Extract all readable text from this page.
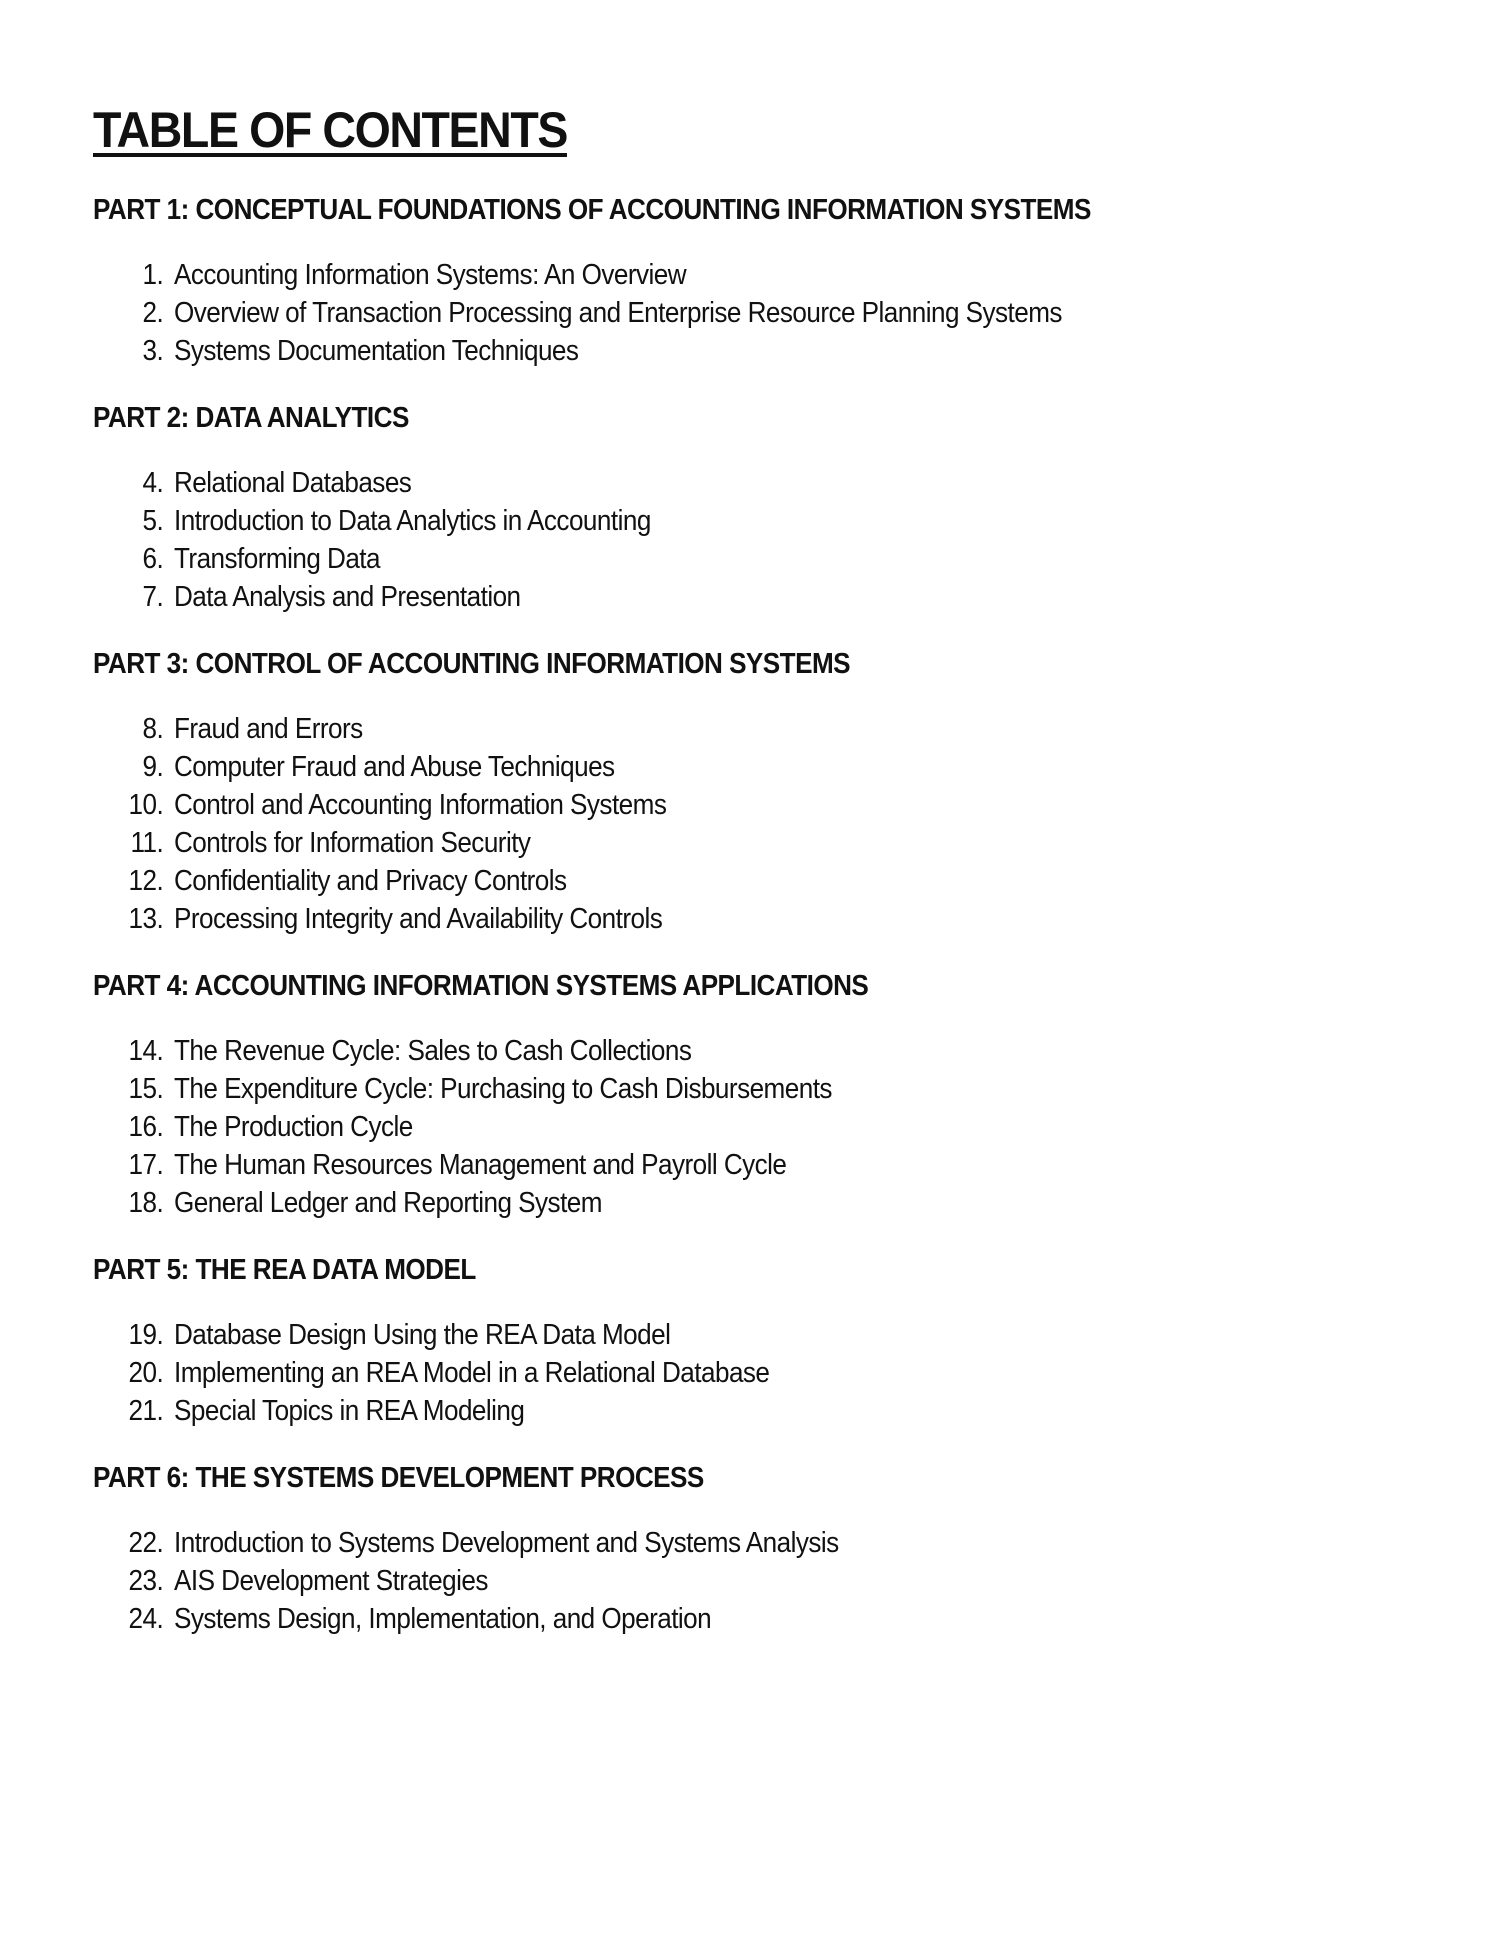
TABLE OF CONTENTS
PART 1: CONCEPTUAL FOUNDATIONS OF ACCOUNTING INFORMATION SYSTEMS
1. Accounting Information Systems: An Overview
2. Overview of Transaction Processing and Enterprise Resource Planning Systems
3. Systems Documentation Techniques
PART 2: DATA ANALYTICS
4. Relational Databases
5. Introduction to Data Analytics in Accounting
6. Transforming Data
7. Data Analysis and Presentation
PART 3: CONTROL OF ACCOUNTING INFORMATION SYSTEMS
8. Fraud and Errors
9. Computer Fraud and Abuse Techniques
10. Control and Accounting Information Systems
11. Controls for Information Security
12. Confidentiality and Privacy Controls
13. Processing Integrity and Availability Controls
PART 4: ACCOUNTING INFORMATION SYSTEMS APPLICATIONS
14. The Revenue Cycle: Sales to Cash Collections
15. The Expenditure Cycle: Purchasing to Cash Disbursements
16. The Production Cycle
17. The Human Resources Management and Payroll Cycle
18. General Ledger and Reporting System
PART 5: THE REA DATA MODEL
19. Database Design Using the REA Data Model
20. Implementing an REA Model in a Relational Database
21. Special Topics in REA Modeling
PART 6: THE SYSTEMS DEVELOPMENT PROCESS
22. Introduction to Systems Development and Systems Analysis
23. AIS Development Strategies
24. Systems Design, Implementation, and Operation
